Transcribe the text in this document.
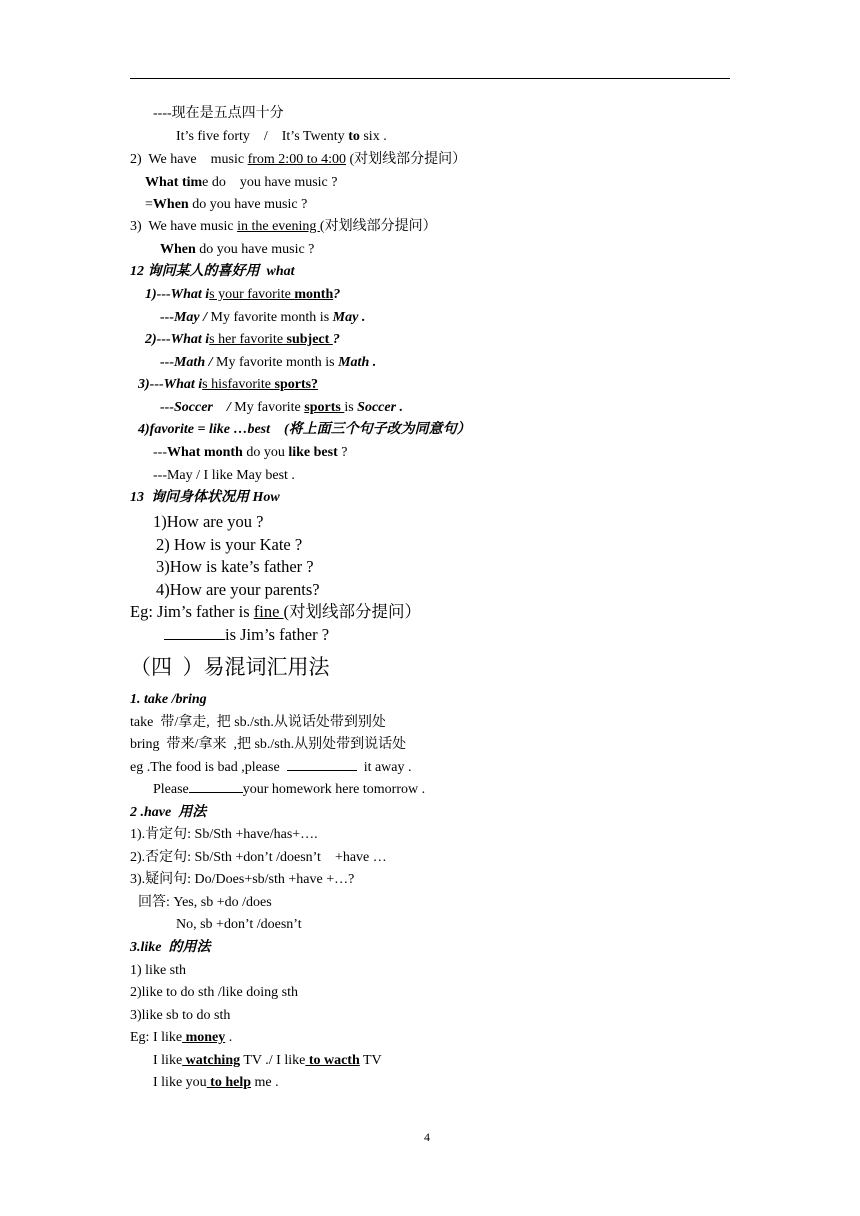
----现在是五点四十分
It’s five forty    /    It’s Twenty to six .
2)  We have    music from 2:00 to 4:00 (对划线部分提问）
What time do    you have music ?
=When do you have music ?
3)  We have music in the evening (对划线部分提问）
When do you have music ?
12 询问某人的喜好用  what
1)---What is your favorite month?
---May / My favorite month is May .
2)---What is her favorite subject ?
---Math / My favorite month is Math .
3)---What is hisfavorite sports?
---Soccer    / My favorite sports is Soccer .
4)favorite = like …best    (将上面三个句子改为同意句）
---What month do you like best ?
---May / I like May best .
13  询问身体状况用 How
1)How are you ?
2) How is your Kate ?
3)How is kate’s father ?
4)How are your parents?
Eg: Jim’s father is fine (对划线部分提问）
is Jim’s father ?
（四  ）易混词汇用法
1. take /bring
take  带/拿走,  把 sb./sth.从说话处带到别处
bring  带来/拿来  ,把 sb./sth.从别处带到说话处
eg .The food is bad ,please	it away .
Please	your homework here tomorrow .
2 .have  用法
1).肯定句: Sb/Sth +have/has+….
2).否定句: Sb/Sth +don’t /doesn’t    +have …
3).疑问句: Do/Does+sb/sth +have +…?
回答: Yes, sb +do /does
No, sb +don’t /doesn’t
3.like  的用法
1) like sth
2)like to do sth /like doing sth
3)like sb to do sth
Eg: I like money .
I like watching TV ./ I like to wacth TV
I like you to help me .
4
